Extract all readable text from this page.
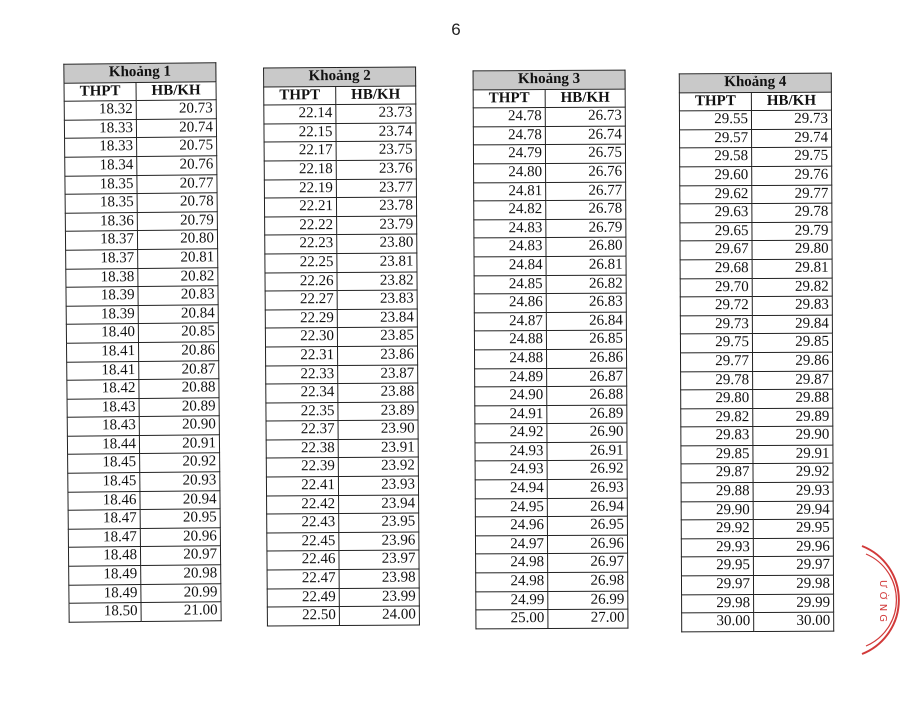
6
Khoảng 1	
THPT	HB/KH
18.32	20.73
18.33	20.74
18.33	20.75
18.34	20.76
18.35	20.77
18.35	20.78
18.36	20.79
18.37	20.80
18.37	20.81
18.38	20.82
18.39	20.83
18.39	20.84
18.40	20.85
18.41	20.86
18.41	20.87
18.42	20.88
18.43	20.89
18.43	20.90
18.44	20.91
18.45	20.92
18.45	20.93
18.46	20.94
18.47	20.95
18.47	20.96
18.48	20.97
18.49	20.98
18.49	20.99
18.50	21.00
Khoảng 2	
THPT	HB/KH
22.14	23.73
22.15	23.74
22.17	23.75
22.18	23.76
22.19	23.77
22.21	23.78
22.22	23.79
22.23	23.80
22.25	23.81
22.26	23.82
22.27	23.83
22.29	23.84
22.30	23.85
22.31	23.86
22.33	23.87
22.34	23.88
22.35	23.89
22.37	23.90
22.38	23.91
22.39	23.92
22.41	23.93
22.42	23.94
22.43	23.95
22.45	23.96
22.46	23.97
22.47	23.98
22.49	23.99
22.50	24.00
Khoảng 3	
THPT	HB/KH
24.78	26.73
24.78	26.74
24.79	26.75
24.80	26.76
24.81	26.77
24.82	26.78
24.83	26.79
24.83	26.80
24.84	26.81
24.85	26.82
24.86	26.83
24.87	26.84
24.88	26.85
24.88	26.86
24.89	26.87
24.90	26.88
24.91	26.89
24.92	26.90
24.93	26.91
24.93	26.92
24.94	26.93
24.95	26.94
24.96	26.95
24.97	26.96
24.98	26.97
24.98	26.98
24.99	26.99
25.00	27.00
Khoảng 4	
THPT	HB/KH
29.55	29.73
29.57	29.74
29.58	29.75
29.60	29.76
29.62	29.77
29.63	29.78
29.65	29.79
29.67	29.80
29.68	29.81
29.70	29.82
29.72	29.83
29.73	29.84
29.75	29.85
29.77	29.86
29.78	29.87
29.80	29.88
29.82	29.89
29.83	29.90
29.85	29.91
29.87	29.92
29.88	29.93
29.90	29.94
29.92	29.95
29.93	29.96
29.95	29.97
29.97	29.98
29.98	29.99
30.00	30.00	ƯỜNG
